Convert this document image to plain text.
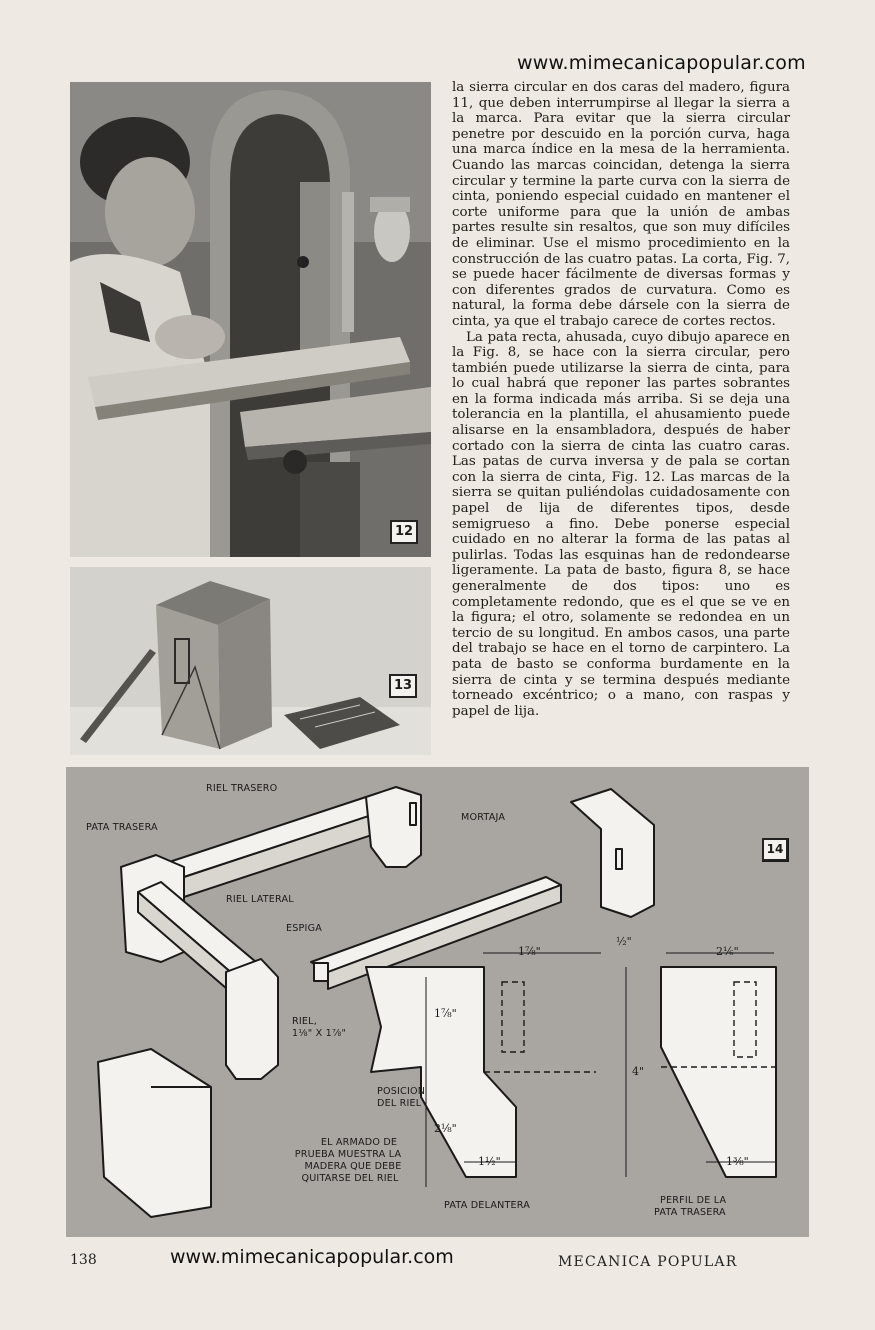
www.mimecanicapopular.com
12
13

la sierra circular en dos caras del madero, figura 11, que deben interrumpirse al llegar la sierra a la marca. Para evitar que la sierra circular penetre por descuido en la porción curva, haga una marca índice en la mesa de la herramienta. Cuando las marcas coincidan, detenga la sierra circular y termine la parte curva con la sierra de cinta, poniendo especial cuidado en mantener el corte uniforme para que la unión de ambas partes resulte sin resaltos, que son muy difíciles de eliminar. Use el mismo procedimiento en la construcción de las cuatro patas. La corta, Fig. 7, se puede hacer fácilmente de diversas formas y con diferentes grados de curvatura. Como es natural, la forma debe dársele con la sierra de cinta, ya que el trabajo carece de cortes rectos.

La pata recta, ahusada, cuyo dibujo aparece en la Fig. 8, se hace con la sierra circular, pero también puede utilizarse la sierra de cinta, para lo cual habrá que reponer las partes sobrantes en la forma indicada más arriba. Si se deja una tolerancia en la plantilla, el ahusamiento puede alisarse en la ensambladora, después de haber cortado con la sierra de cinta las cuatro caras. Las patas de curva inversa y de pala se cortan con la sierra de cinta, Fig. 12. Las marcas de la sierra se quitan puliéndolas cuidadosamente con papel de lija de diferentes tipos, desde semigrueso a fino. Debe ponerse especial cuidado en no alterar la forma de las patas al pulirlas. Todas las esquinas han de redondearse ligeramente. La pata de basto, figura 8, se hace generalmente de dos tipos: uno es completamente redondo, que es el que se ve en la figura; el otro, solamente se redondea en un tercio de su longitud. En ambos casos, una parte del trabajo se hace en el torno de carpintero. La pata de basto se conforma burdamente en la sierra de cinta y se termina después mediante torneado excéntrico; o a mano, con raspas y papel de lija.

14
RIEL TRASERO
PATA TRASERA
MORTAJA
RIEL LATERAL
ESPIGA
RIEL,
1⅛" X 1⅞"
POSICION
DEL RIEL
EL ARMADO DE
PRUEBA MUESTRA LA
MADERA QUE DEBE
QUITARSE DEL RIEL
PATA DELANTERA	PERFIL DE LA
PATA TRASERA
1⅞"
½"
2⅙"
1⅞"
2⅛"
4"
1½"	1⅜"
138	www.mimecanicapopular.com	MECANICA POPULAR
